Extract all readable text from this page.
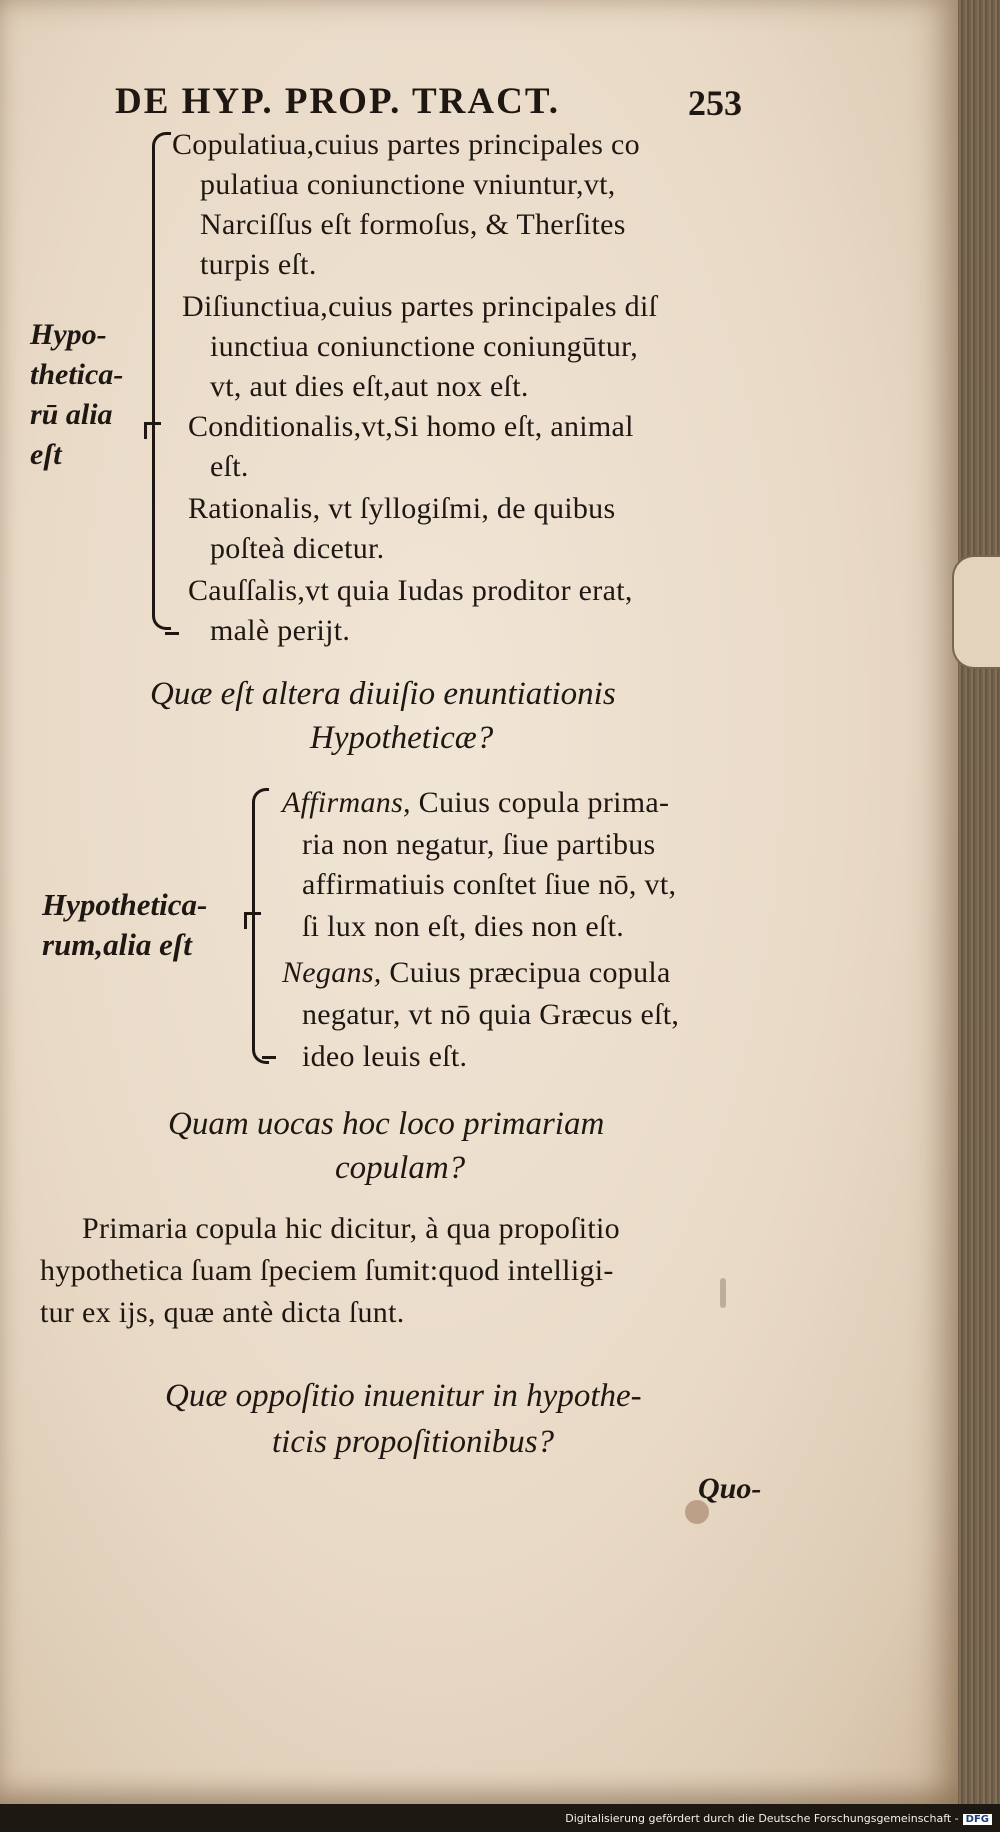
DE HYP. PROP. TRACT.	253
Hypo-
thetica-
rū alia
eſt
Copulatiua,cuius partes principales co
pulatiua coniunctione vniuntur,vt,
Narciſſus eſt formoſus, & Therſites
turpis eſt.
Diſiunctiua,cuius partes principales diſ
iunctiua coniunctione coniungūtur,
vt, aut dies eſt,aut nox eſt.
Conditionalis,vt,Si homo eſt, animal
eſt.
Rationalis, vt ſyllogiſmi, de quibus
poſteà dicetur.
Cauſſalis,vt quia Iudas proditor erat,
malè perijt.
Quæ eſt altera diuiſio enuntiationis
Hypotheticæ?
Hypothetica-
rum,alia eſt
Affirmans, Cuius copula prima-
ria non negatur, ſiue partibus
affirmatiuis conſtet ſiue nō, vt,
ſi lux non eſt, dies non eſt.
Negans, Cuius præcipua copula
negatur, vt nō quia Græcus eſt,
ideo leuis eſt.
Quam uocas hoc loco primariam
copulam?
Primaria copula hic dicitur, à qua propoſitio
hypothetica ſuam ſpeciem ſumit:quod intelligi-
tur ex ijs, quæ antè dicta ſunt.
Quæ oppoſitio inuenitur in hypothe-
ticis propoſitionibus?
Quo-
Digitalisierung gefördert durch die Deutsche Forschungsgemeinschaft - DFG
